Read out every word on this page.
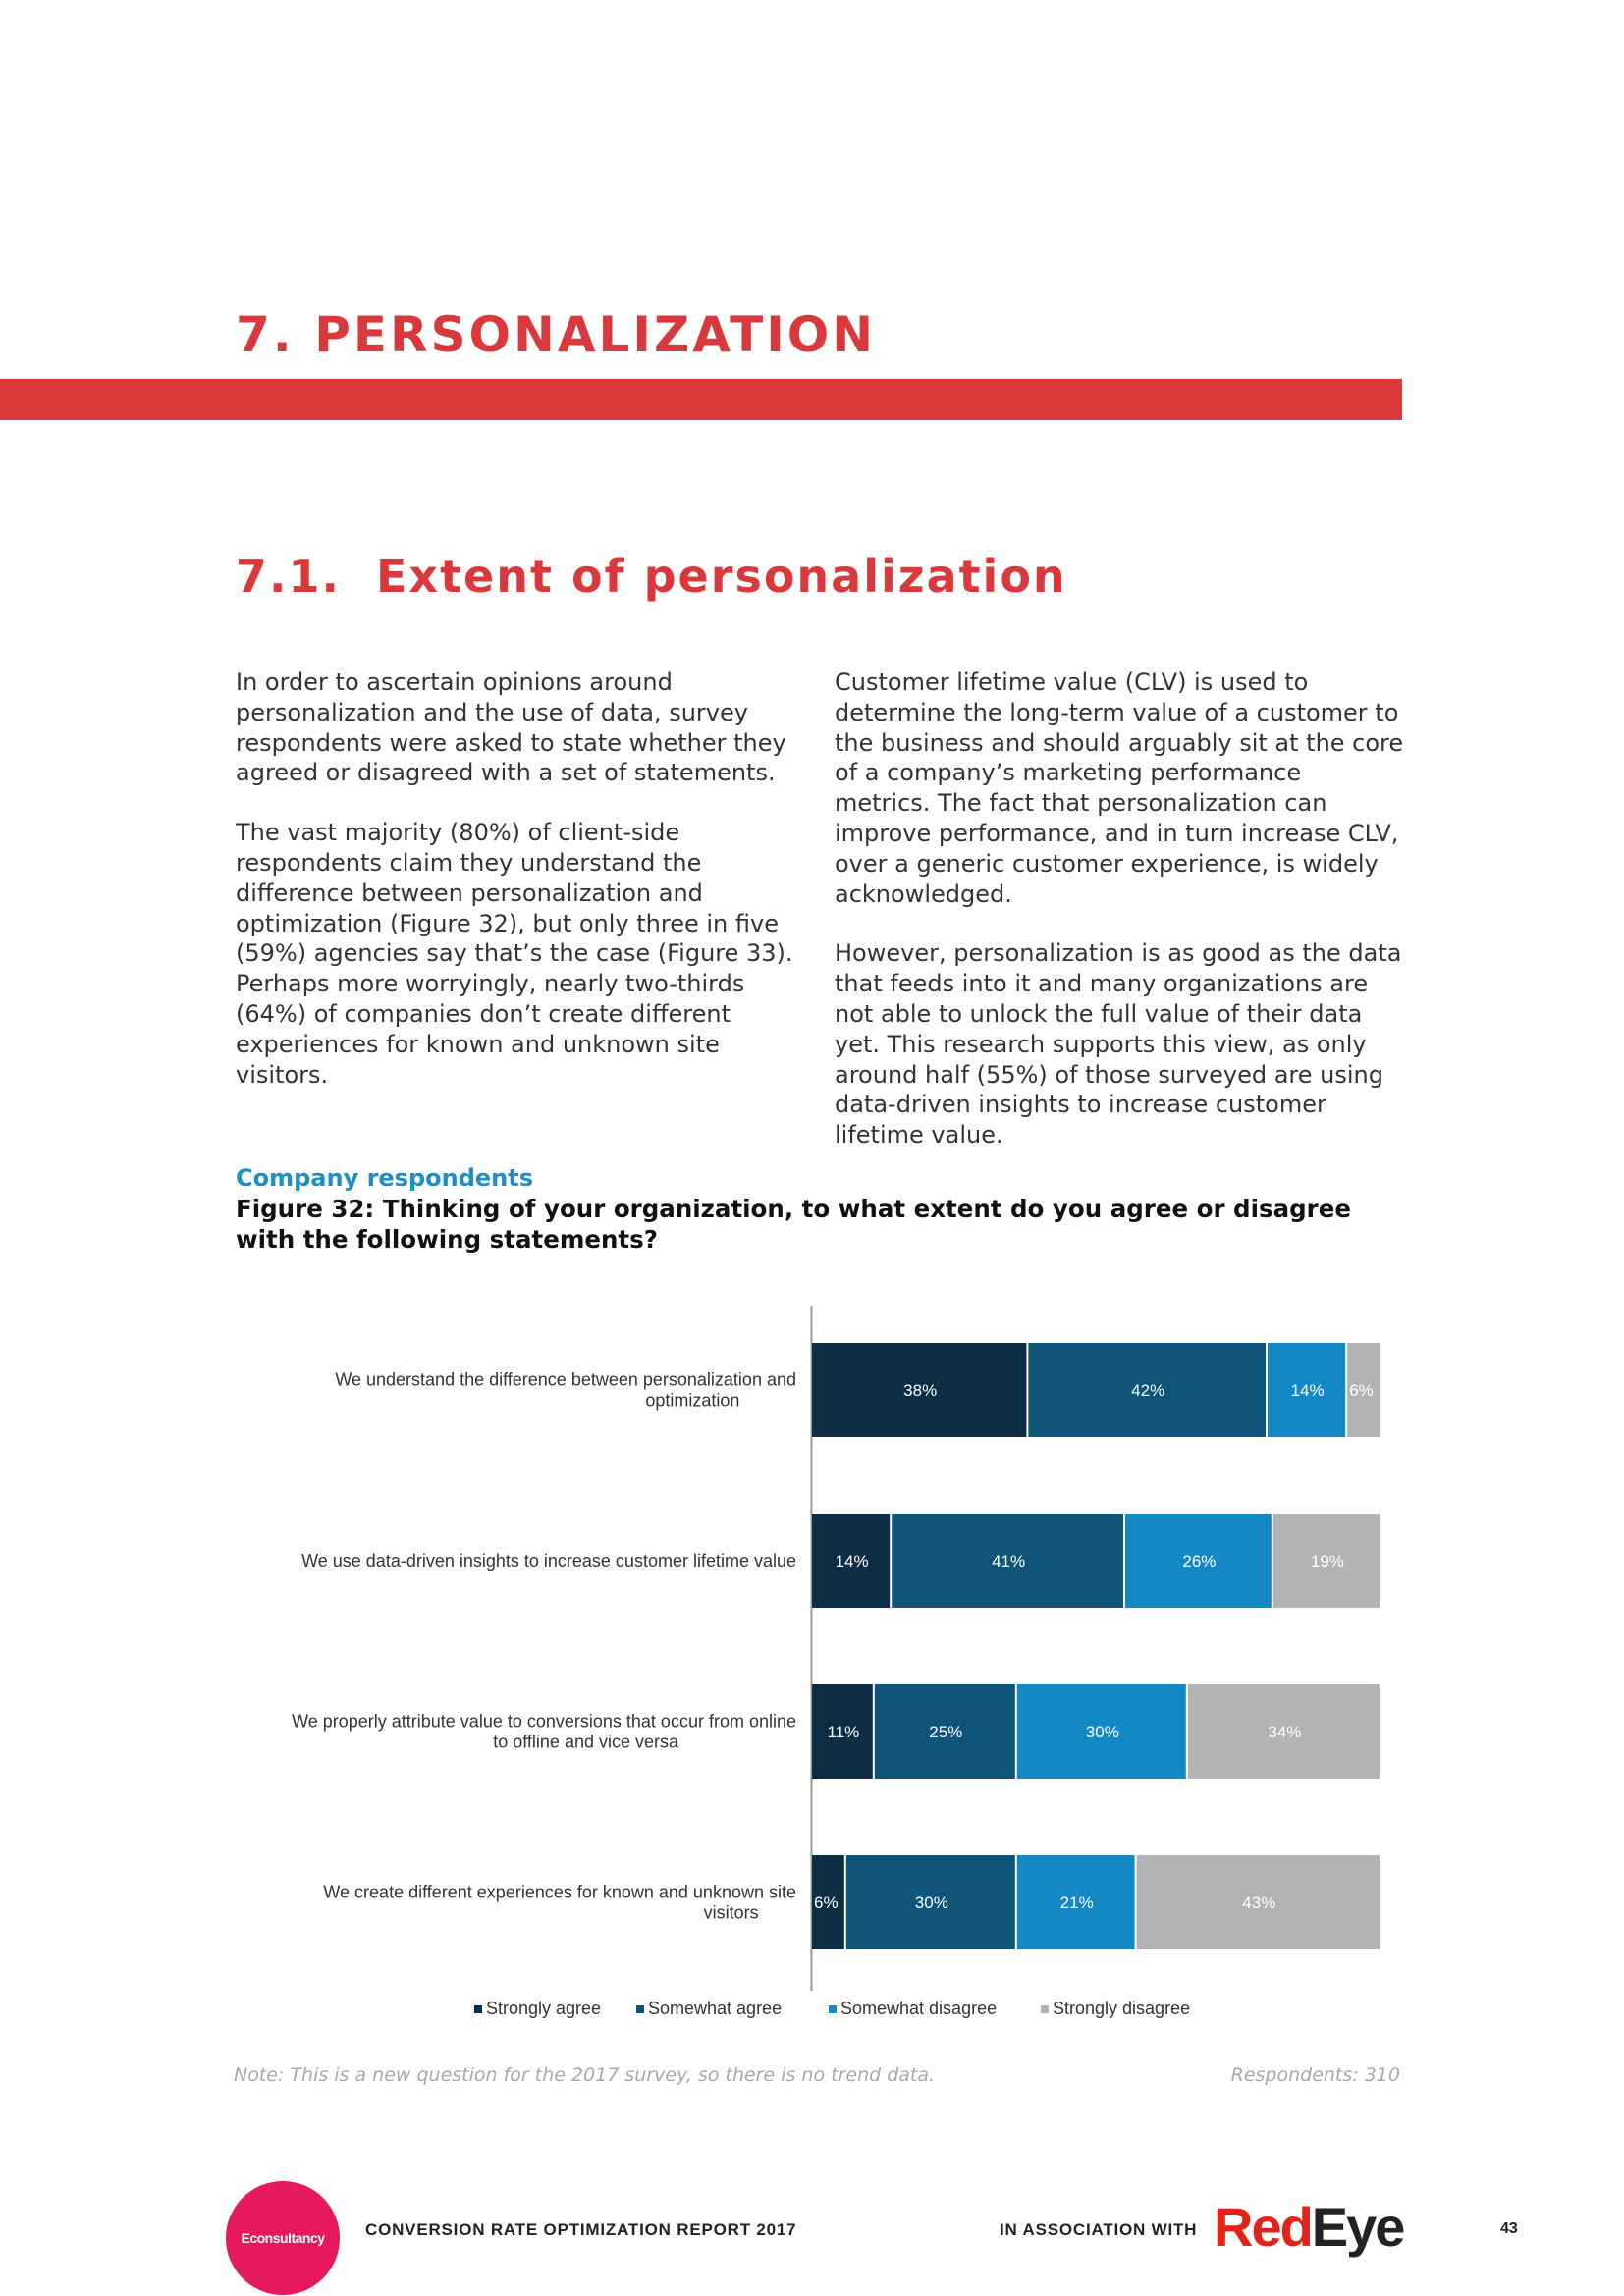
7. PERSONALIZATION
7.1. Extent of personalization

In order to ascertain opinions around personalization and the use of data, survey respondents were asked to state whether they agreed or disagreed with a set of statements.

The vast majority (80%) of client-side respondents claim they understand the difference between personalization and optimization (Figure 32), but only three in five (59%) agencies say that’s the case (Figure 33). Perhaps more worryingly, nearly two-thirds (64%) of companies don’t create different experiences for known and unknown site visitors.

Customer lifetime value (CLV) is used to determine the long-term value of a customer to the business and should arguably sit at the core of a company’s marketing performance metrics. The fact that personalization can improve performance, and in turn increase CLV, over a generic customer experience, is widely acknowledged.

However, personalization is as good as the data that feeds into it and many organizations are not able to unlock the full value of their data yet. This research supports this view, as only around half (55%) of those surveyed are using data-driven insights to increase customer lifetime value.

Company respondents
Figure 32: Thinking of your organization, to what extent do you agree or disagree with the following statements?
We understand the difference between personalization and
optimization	38%	42%	14% 6%
We use data-driven insights to increase customer lifetime value 14%	41%	26%	19%
We properly attribute value to conversions that occur from online
to offline and vice versa	11%	25%	30%	34%
We create different experiences for known and unknown site
visitors	6%	30%	21%	43%
Strongly agree	Somewhat agree	Somewhat disagree	Strongly disagree
Note: This is a new question for the 2017 survey, so there is no trend data.	Respondents: 310
Econsultancy	CONVERSION RATE OPTIMIZATION REPORT 2017	IN ASSOCIATION WITH RedEye	43
